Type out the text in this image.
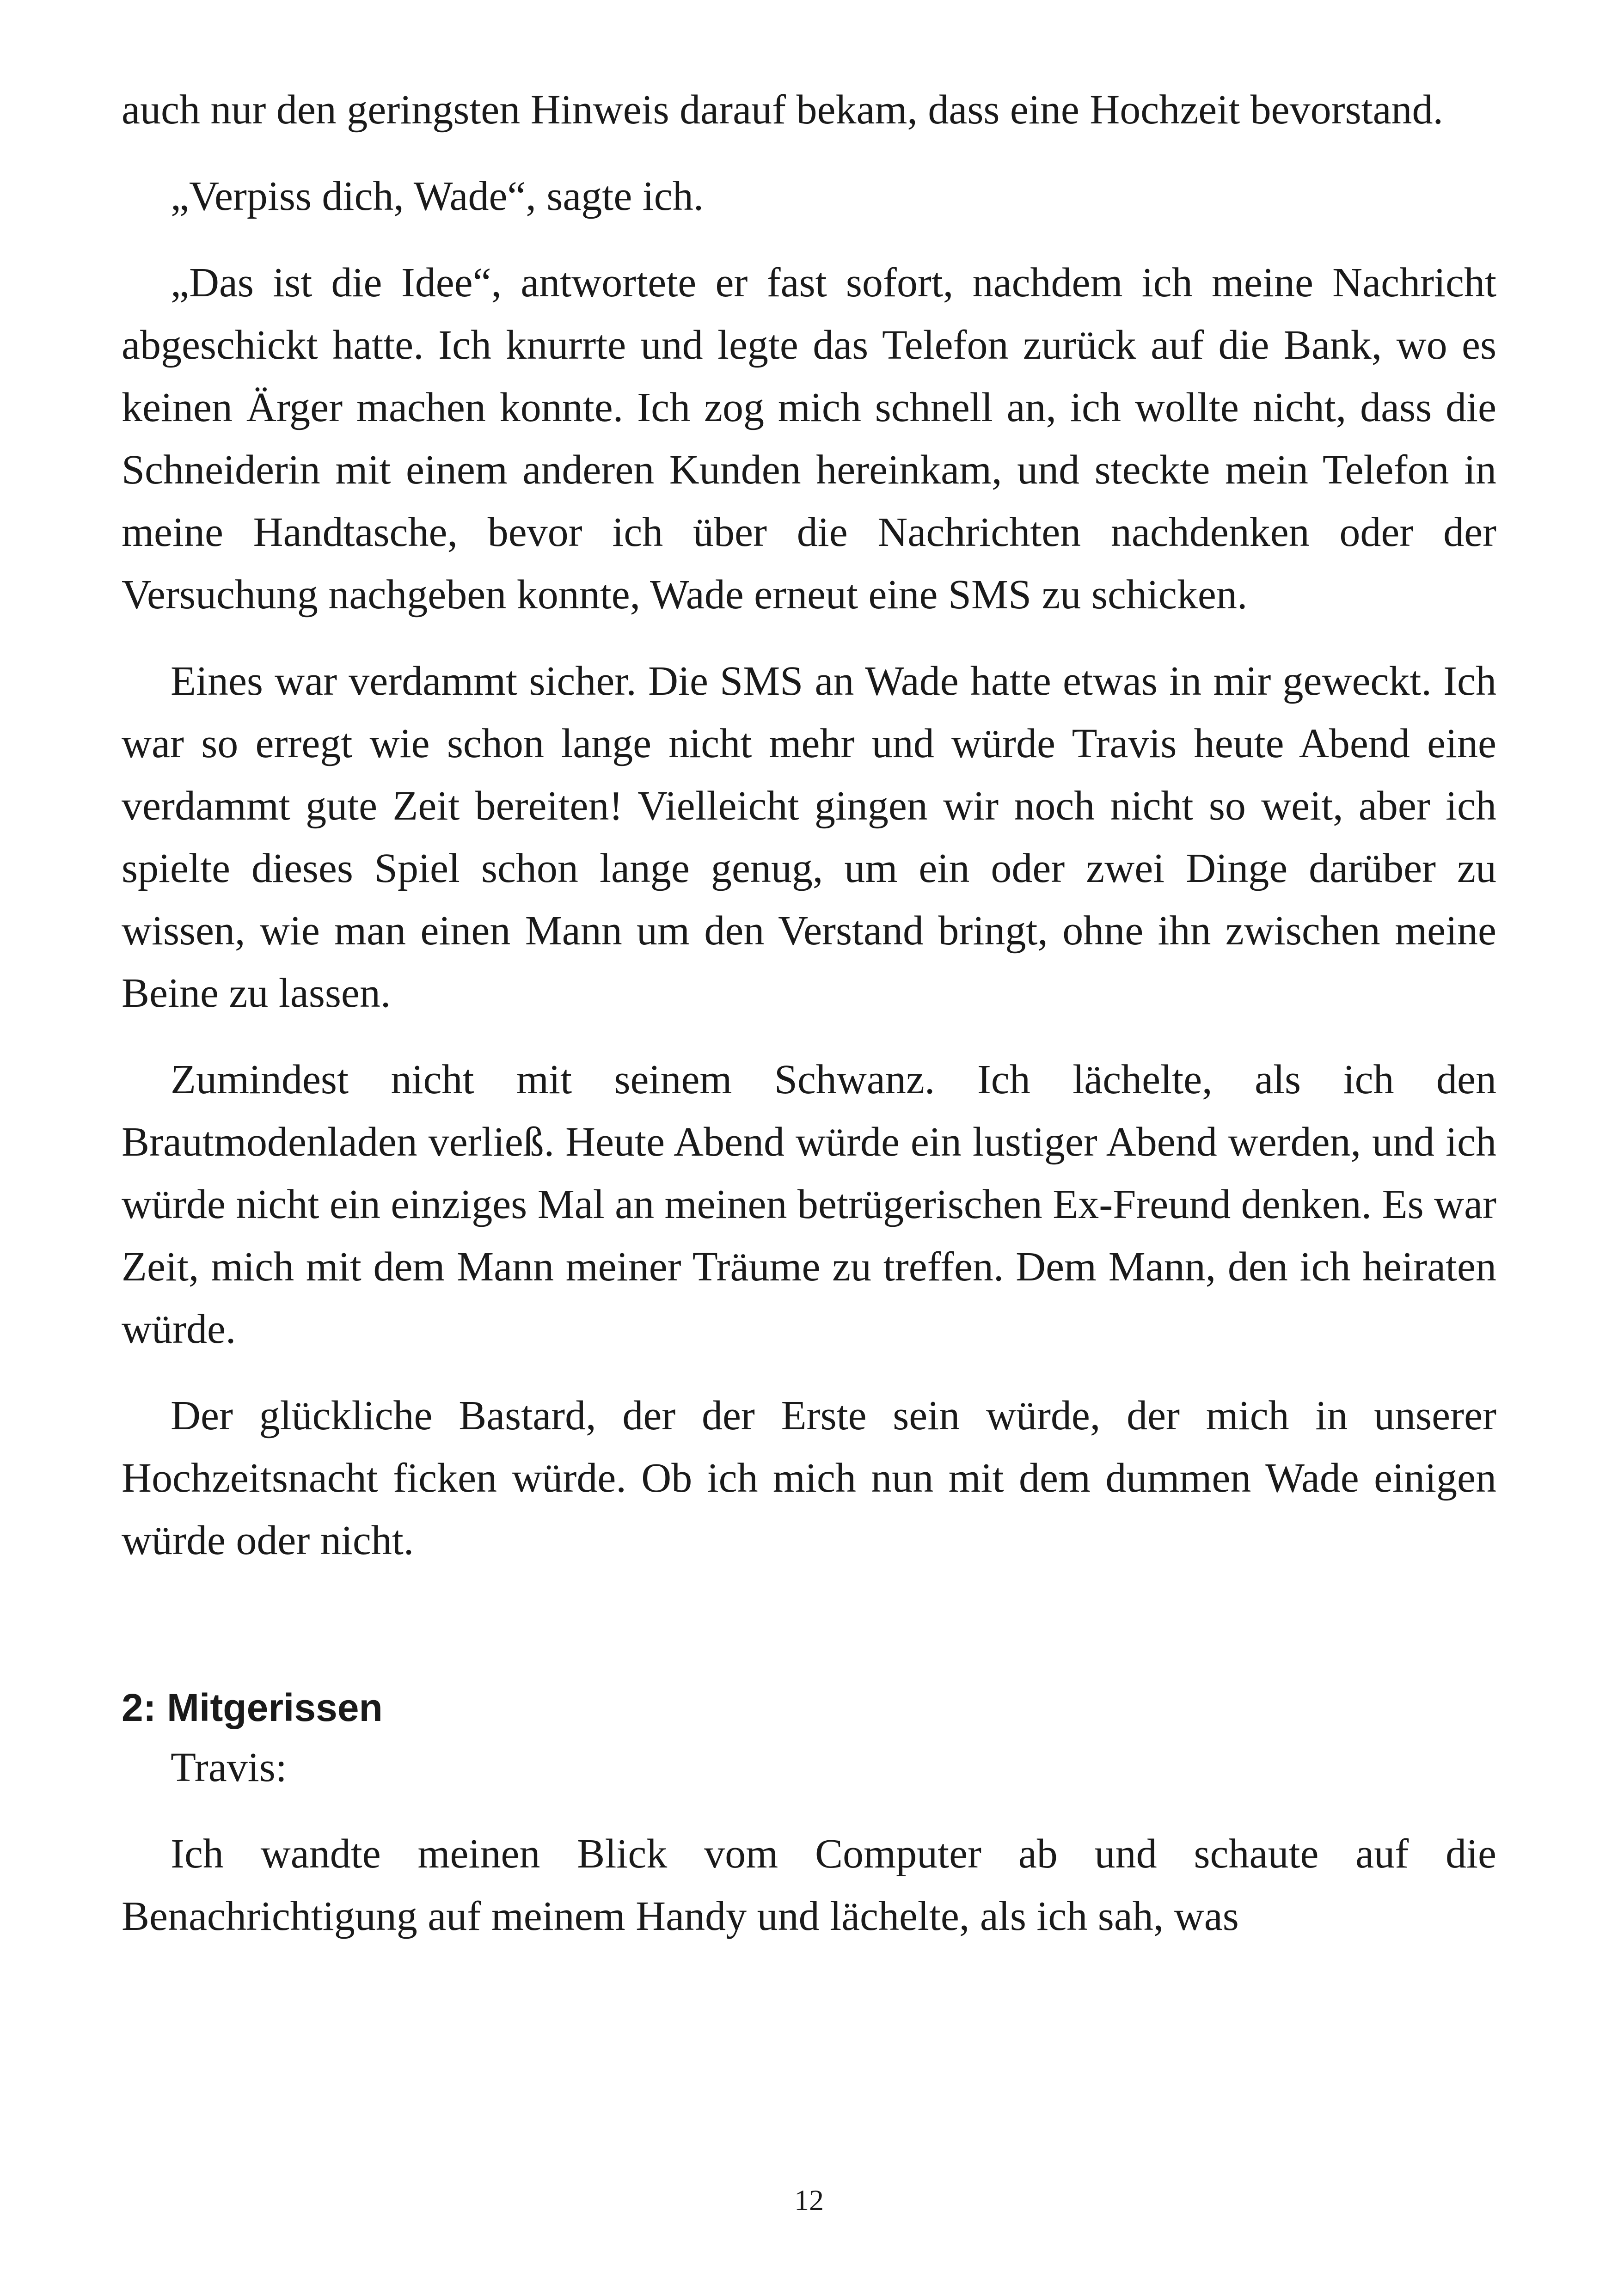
auch nur den geringsten Hinweis darauf bekam, dass eine Hochzeit bevorstand.

„Verpiss dich, Wade“, sagte ich.

„Das ist die Idee“, antwortete er fast sofort, nachdem ich meine Nachricht abgeschickt hatte. Ich knurrte und legte das Telefon zurück auf die Bank, wo es keinen Ärger machen konnte. Ich zog mich schnell an, ich wollte nicht, dass die Schneiderin mit einem anderen Kunden hereinkam, und steckte mein Telefon in meine Handtasche, bevor ich über die Nachrichten nachdenken oder der Versuchung nachgeben konnte, Wade erneut eine SMS zu schicken.

Eines war verdammt sicher. Die SMS an Wade hatte etwas in mir geweckt. Ich war so erregt wie schon lange nicht mehr und würde Travis heute Abend eine verdammt gute Zeit bereiten! Vielleicht gingen wir noch nicht so weit, aber ich spielte dieses Spiel schon lange genug, um ein oder zwei Dinge darüber zu wissen, wie man einen Mann um den Verstand bringt, ohne ihn zwischen meine Beine zu lassen.

Zumindest nicht mit seinem Schwanz. Ich lächelte, als ich den Brautmodenladen verließ. Heute Abend würde ein lustiger Abend werden, und ich würde nicht ein einziges Mal an meinen betrügerischen Ex-Freund denken. Es war Zeit, mich mit dem Mann meiner Träume zu treffen. Dem Mann, den ich heiraten würde.

Der glückliche Bastard, der der Erste sein würde, der mich in unserer Hochzeitsnacht ficken würde. Ob ich mich nun mit dem dummen Wade einigen würde oder nicht.

2: Mitgerissen

Travis:

Ich wandte meinen Blick vom Computer ab und schaute auf die Benachrichtigung auf meinem Handy und lächelte, als ich sah, was

12
